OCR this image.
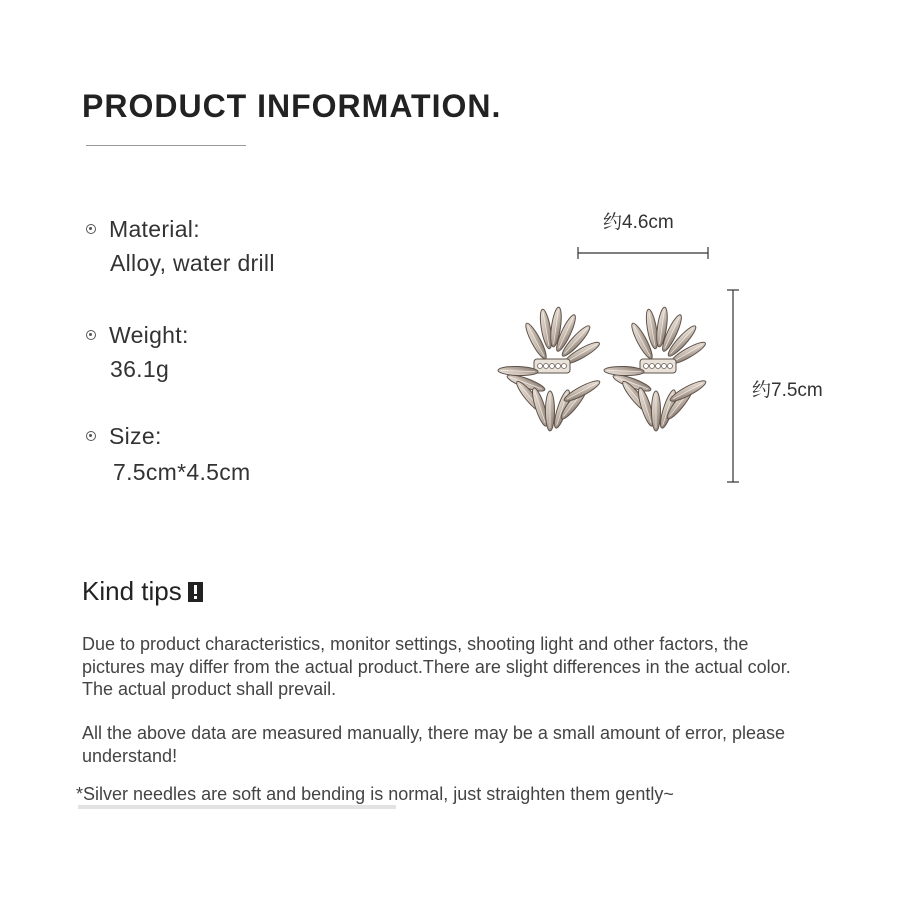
PRODUCT INFORMATION.
Material:
Alloy, water drill
Weight:
36.1g
Size:
7.5cm*4.5cm
约4.6cm
约7.5cm
Kind tips

Due to product characteristics, monitor settings, shooting light and other factors, the pictures may differ from the actual product.There are slight differences in the actual color. The actual product shall prevail.

All the above data are measured manually, there may be a small amount of error, please understand!

*Silver needles are soft and bending is normal, just straighten them gently~
